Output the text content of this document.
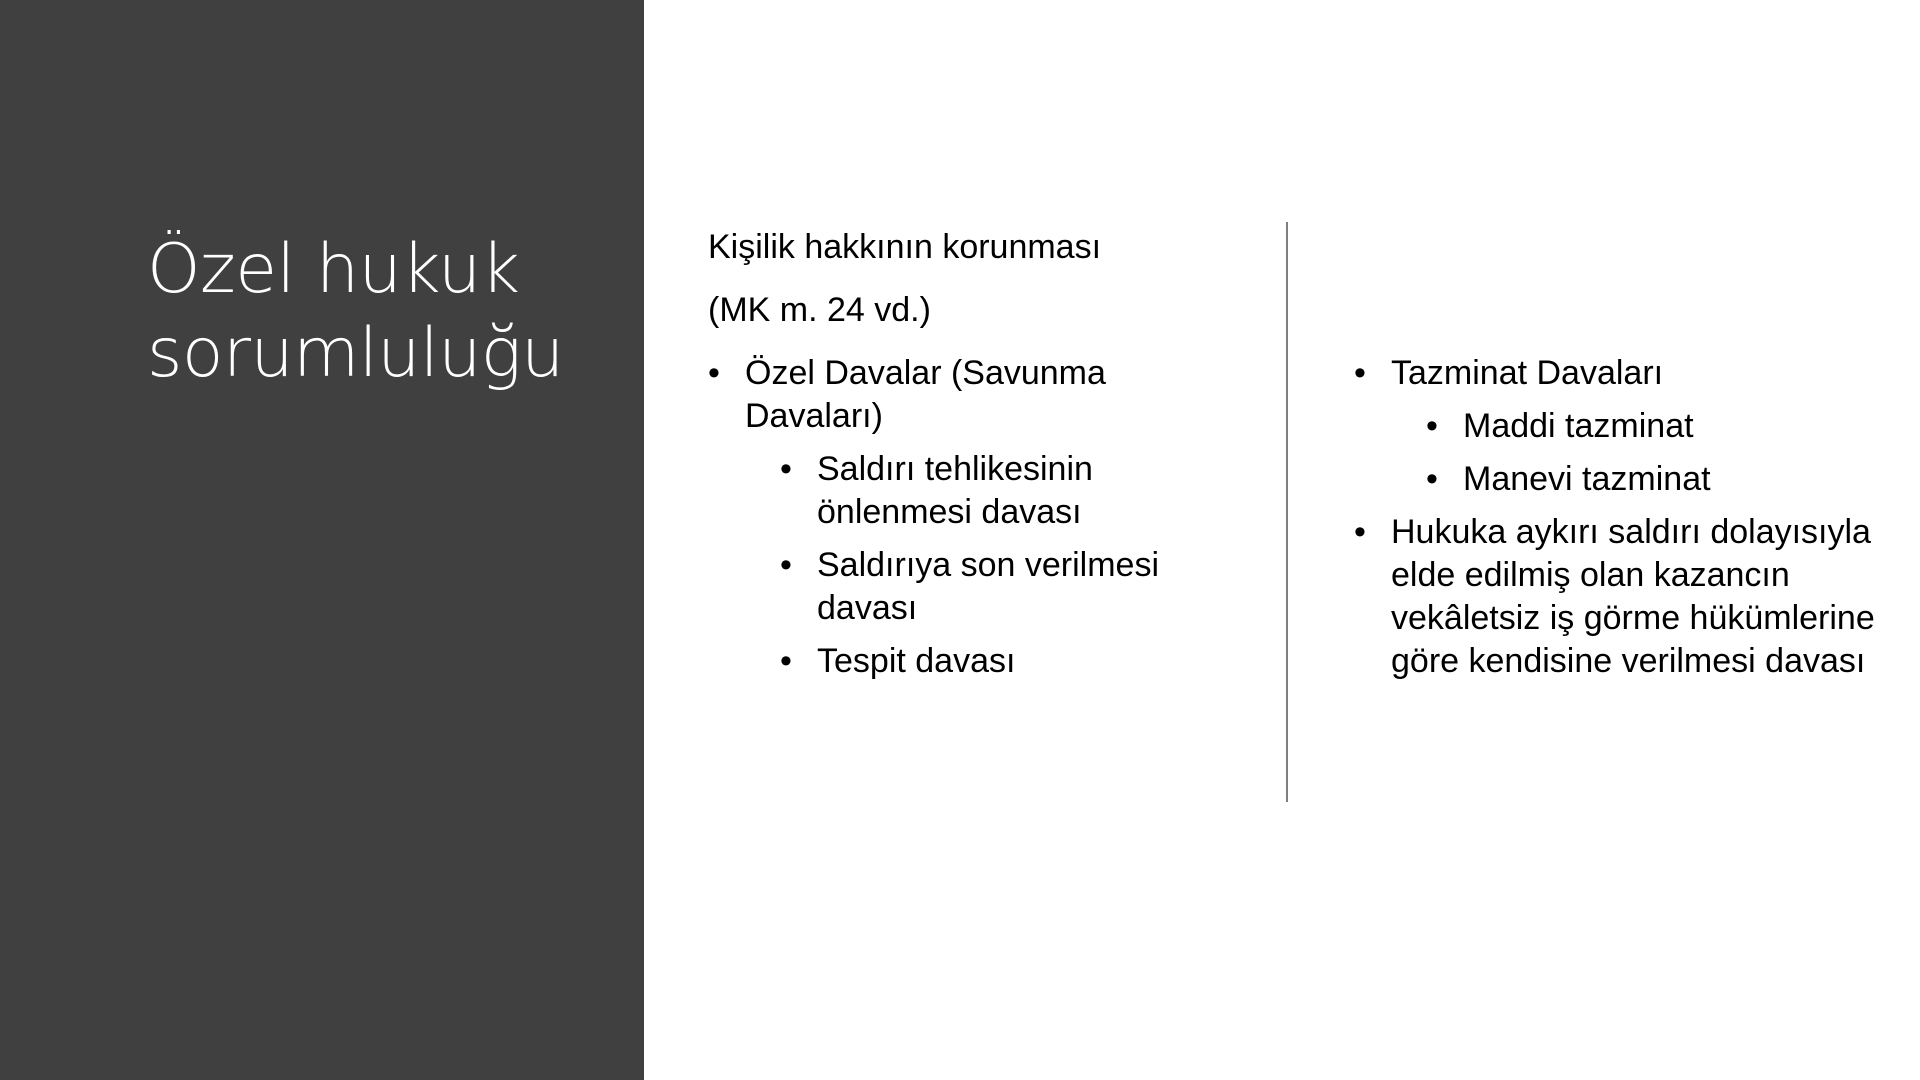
Özel hukuk sorumluluğu

Kişilik hakkının korunması

(MK m. 24 vd.)

• Özel Davalar (Savunma Davaları)
• Saldırı tehlikesinin önlenmesi davası
• Saldırıya son verilmesi davası
• Tespit davası
• Tazminat Davaları
• Maddi tazminat
• Manevi tazminat
• Hukuka aykırı saldırı dolayısıyla elde edilmiş olan kazancın vekâletsiz iş görme hükümlerine göre kendisine verilmesi davası
